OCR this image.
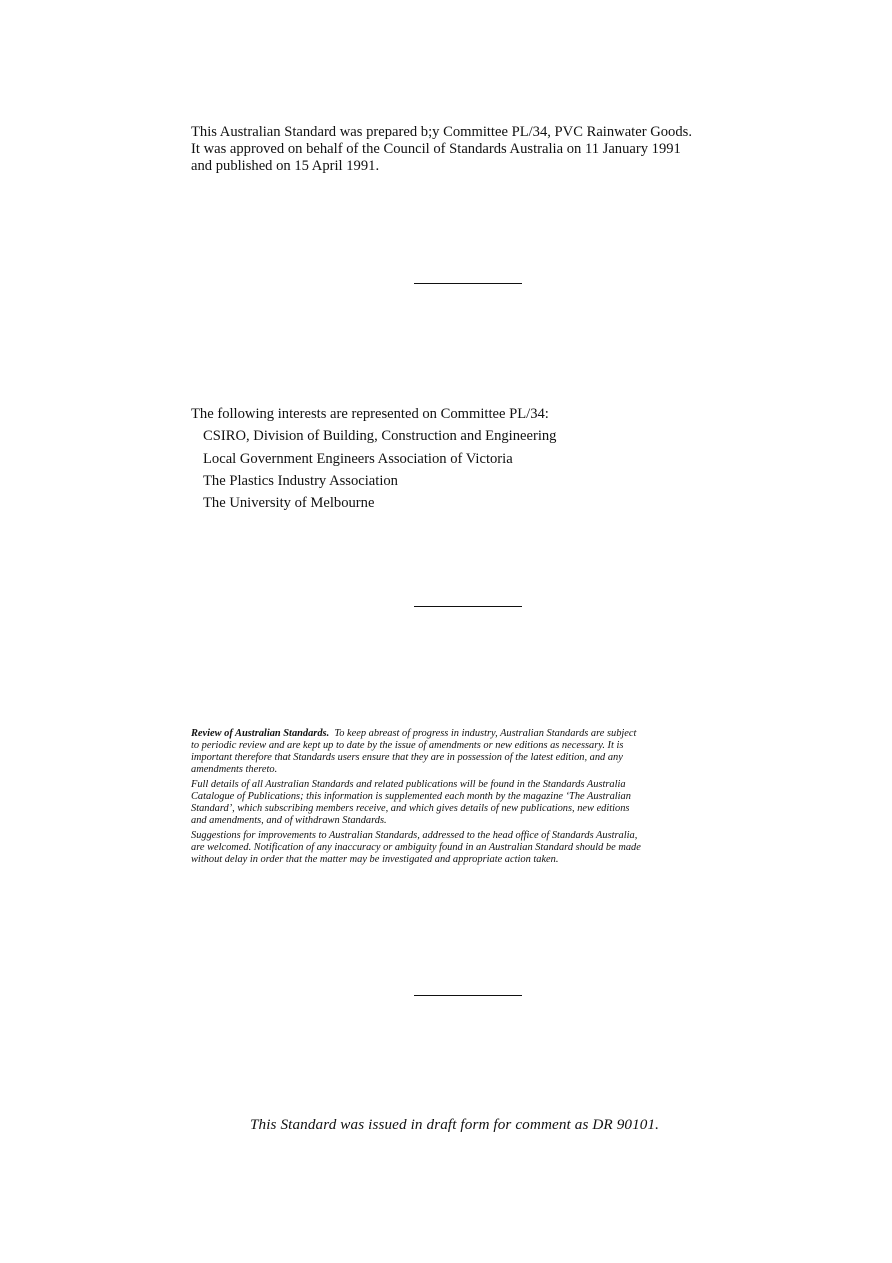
This Australian Standard was prepared b;y Committee PL/34, PVC Rainwater Goods.

It was approved on behalf of the Council of Standards Australia on 11 January 1991

and published on 15 April 1991.

The following interests are represented on Committee PL/34:

CSIRO, Division of Building, Construction and Engineering
Local Government Engineers Association of Victoria
The Plastics Industry Association
The University of Melbourne

Review of Australian Standards. To keep abreast of progress in industry, Australian Standards are subject
to periodic review and are kept up to date by the issue of amendments or new editions as necessary. It is
important therefore that Standards users ensure that they are in possession of the latest edition, and any
amendments thereto.

Full details of all Australian Standards and related publications will be found in the Standards Australia
Catalogue of Publications; this information is supplemented each month by the magazine ‘The Australian
Standard’, which subscribing members receive, and which gives details of new publications, new editions
and amendments, and of withdrawn Standards.

Suggestions for improvements to Australian Standards, addressed to the head office of Standards Australia,
are welcomed. Notification of any inaccuracy or ambiguity found in an Australian Standard should be made
without delay in order that the matter may be investigated and appropriate action taken.

This Standard was issued in draft form for comment as DR 90101.
